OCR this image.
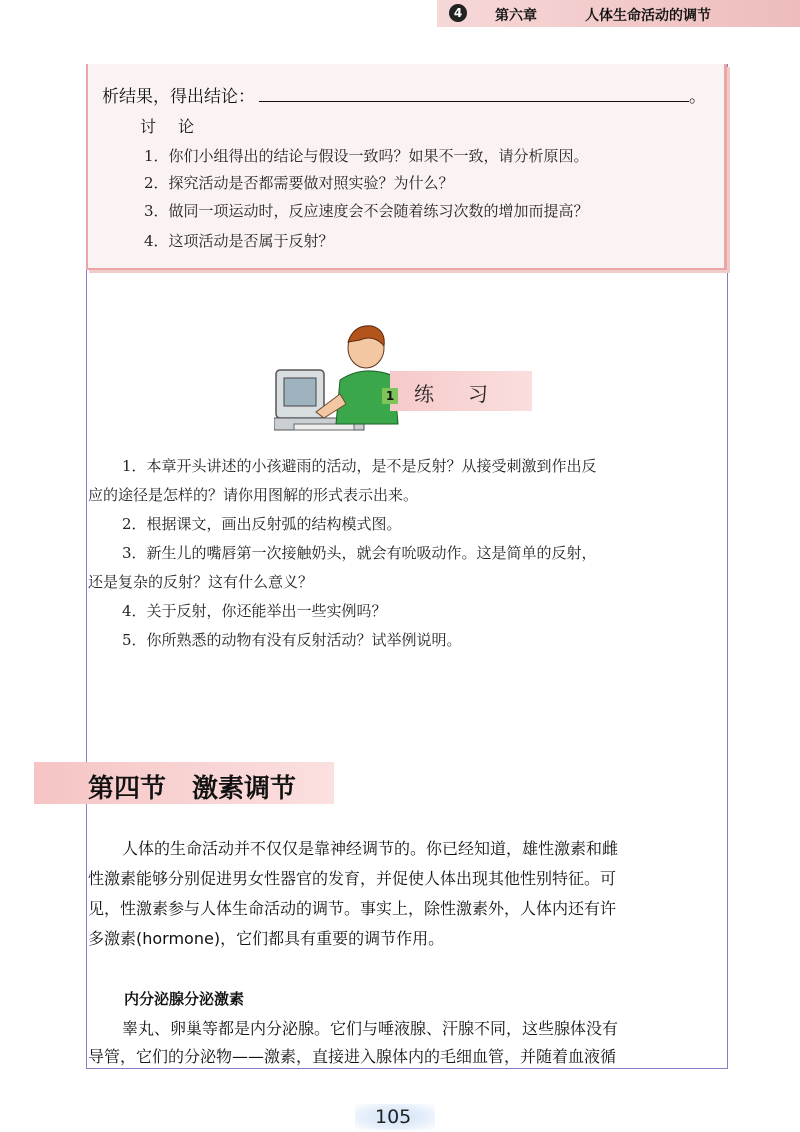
4	第六章	人体生命活动的调节
析结果，得出结论：	。
讨论
1．你们小组得出的结论与假设一致吗？如果不一致，请分析原因。
2．探究活动是否都需要做对照实验？为什么？
3．做同一项运动时，反应速度会不会随着练习次数的增加而提高？
4．这项活动是否属于反射？
练习
1
1．本章开头讲述的小孩避雨的活动，是不是反射？从接受刺激到作出反
应的途径是怎样的？请你用图解的形式表示出来。
2．根据课文，画出反射弧的结构模式图。
3．新生儿的嘴唇第一次接触奶头，就会有吮吸动作。这是简单的反射，
还是复杂的反射？这有什么意义？
4．关于反射，你还能举出一些实例吗？
5．你所熟悉的动物有没有反射活动？试举例说明。
第四节　激素调节
人体的生命活动并不仅仅是靠神经调节的。你已经知道，雄性激素和雌
性激素能够分别促进男女性器官的发育，并促使人体出现其他性别特征。可
见，性激素参与人体生命活动的调节。事实上，除性激素外，人体内还有许
多激素(hormone)，它们都具有重要的调节作用。
内分泌腺分泌激素
睾丸、卵巢等都是内分泌腺。它们与唾液腺、汗腺不同，这些腺体没有
导管，它们的分泌物——激素，直接进入腺体内的毛细血管，并随着血液循
105
